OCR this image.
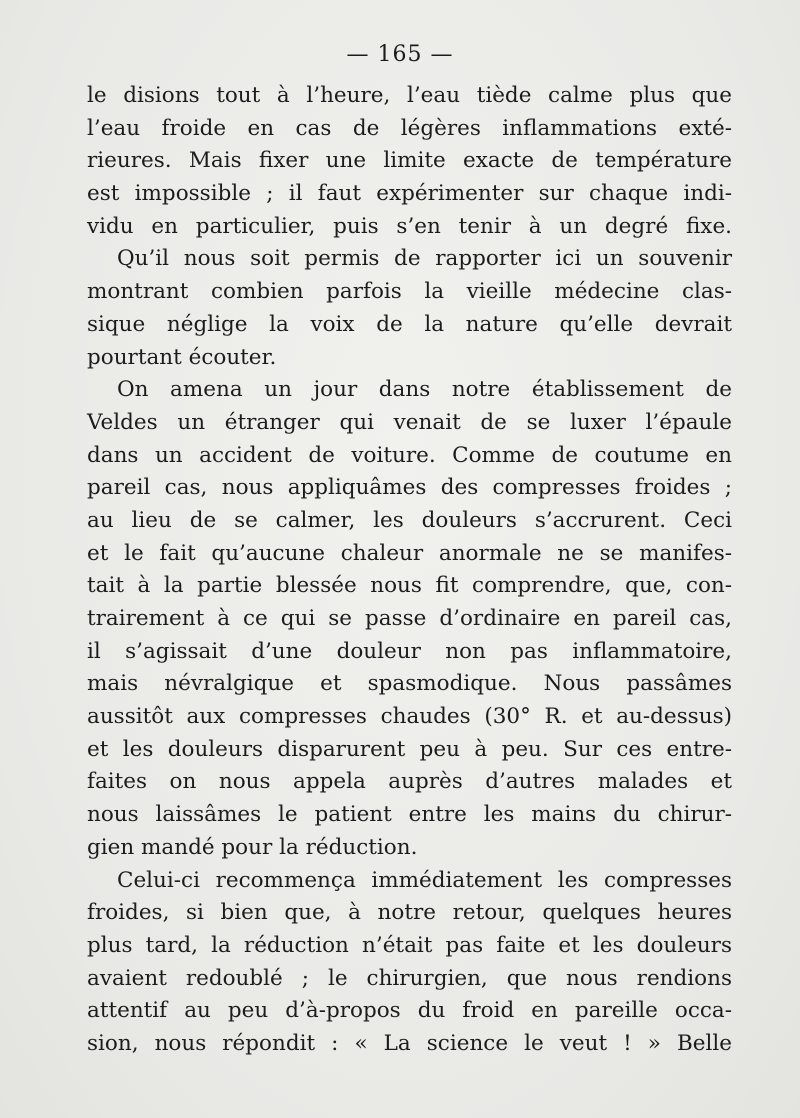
— 165 —

le disions tout à l’heure, l’eau tiède calme plus que
l’eau froide en cas de légères inflammations exté-
rieures. Mais fixer une limite exacte de température
est impossible ; il faut expérimenter sur chaque indi-
vidu en particulier, puis s’en tenir à un degré fixe.

Qu’il nous soit permis de rapporter ici un souvenir
montrant combien parfois la vieille médecine clas-
sique néglige la voix de la nature qu’elle devrait
pourtant écouter.

On amena un jour dans notre établissement de
Veldes un étranger qui venait de se luxer l’épaule
dans un accident de voiture. Comme de coutume en
pareil cas, nous appliquâmes des compresses froides ;
au lieu de se calmer, les douleurs s’accrurent. Ceci
et le fait qu’aucune chaleur anormale ne se manifes-
tait à la partie blessée nous fit comprendre, que, con-
trairement à ce qui se passe d’ordinaire en pareil cas,
il s’agissait d’une douleur non pas inflammatoire,
mais névralgique et spasmodique. Nous passâmes
aussitôt aux compresses chaudes (30° R. et au-dessus)
et les douleurs disparurent peu à peu. Sur ces entre-
faites on nous appela auprès d’autres malades et
nous laissâmes le patient entre les mains du chirur-
gien mandé pour la réduction.

Celui-ci recommença immédiatement les compresses
froides, si bien que, à notre retour, quelques heures
plus tard, la réduction n’était pas faite et les douleurs
avaient redoublé ; le chirurgien, que nous rendions
attentif au peu d’à-propos du froid en pareille occa-
sion, nous répondit : « La science le veut ! » Belle
